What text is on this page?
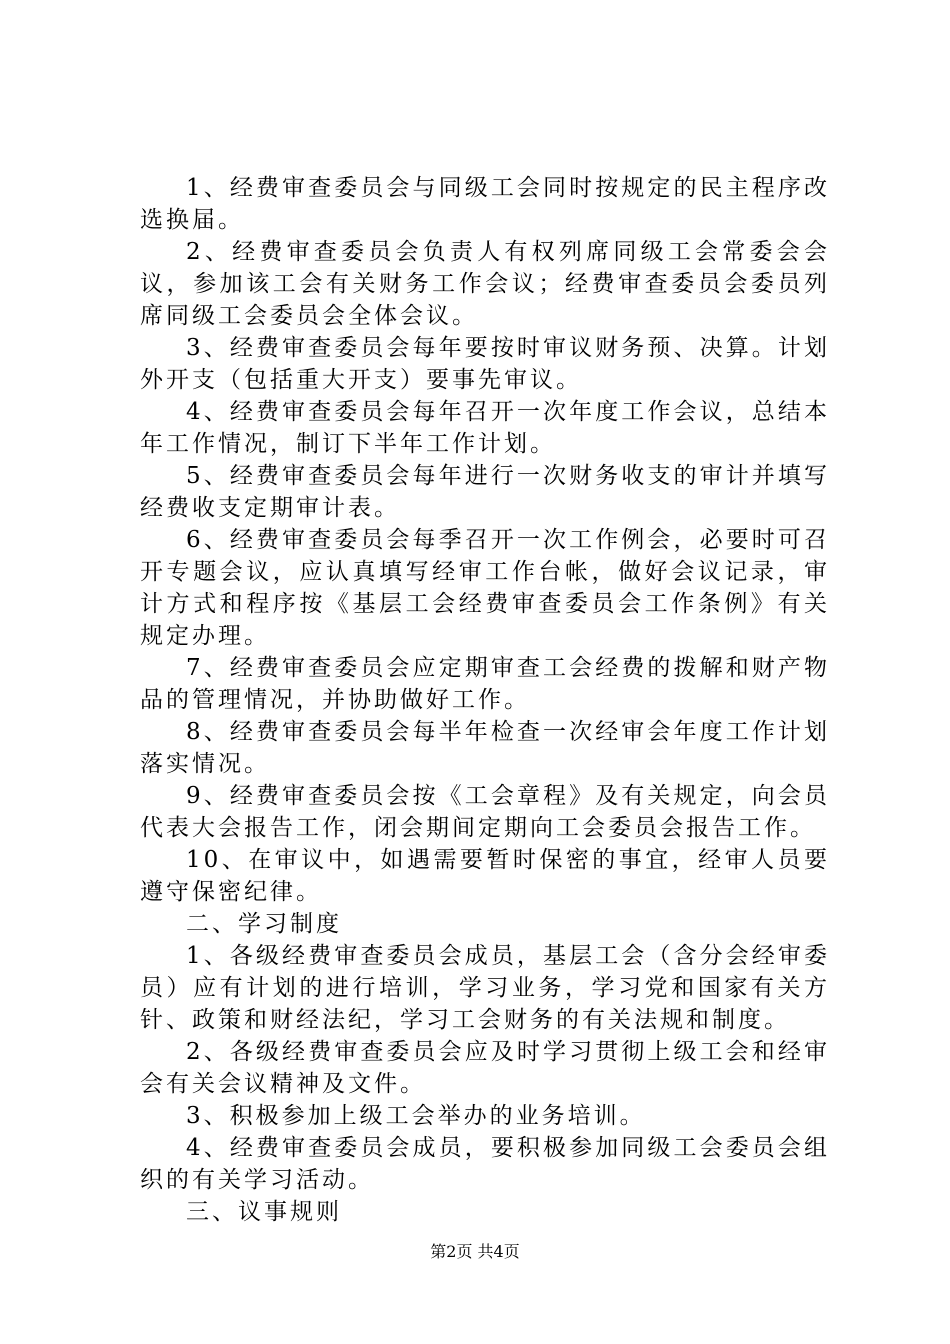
1、经费审查委员会与同级工会同时按规定的民主程序改选换届。

2、经费审查委员会负责人有权列席同级工会常委会会议，参加该工会有关财务工作会议；经费审查委员会委员列席同级工会委员会全体会议。

3、经费审查委员会每年要按时审议财务预、决算。计划外开支（包括重大开支）要事先审议。

4、经费审查委员会每年召开一次年度工作会议，总结本年工作情况，制订下半年工作计划。

5、经费审查委员会每年进行一次财务收支的审计并填写经费收支定期审计表。

6、经费审查委员会每季召开一次工作例会，必要时可召开专题会议，应认真填写经审工作台帐，做好会议记录，审计方式和程序按《基层工会经费审查委员会工作条例》有关规定办理。

7、经费审查委员会应定期审查工会经费的拨解和财产物品的管理情况，并协助做好工作。

8、经费审查委员会每半年检查一次经审会年度工作计划落实情况。

9、经费审查委员会按《工会章程》及有关规定，向会员代表大会报告工作，闭会期间定期向工会委员会报告工作。

10、在审议中，如遇需要暂时保密的事宜，经审人员要遵守保密纪律。

二、学习制度

1、各级经费审查委员会成员，基层工会（含分会经审委员）应有计划的进行培训，学习业务，学习党和国家有关方针、政策和财经法纪，学习工会财务的有关法规和制度。

2、各级经费审查委员会应及时学习贯彻上级工会和经审会有关会议精神及文件。

3、积极参加上级工会举办的业务培训。

4、经费审查委员会成员，要积极参加同级工会委员会组织的有关学习活动。

三、议事规则

第2页 共4页
